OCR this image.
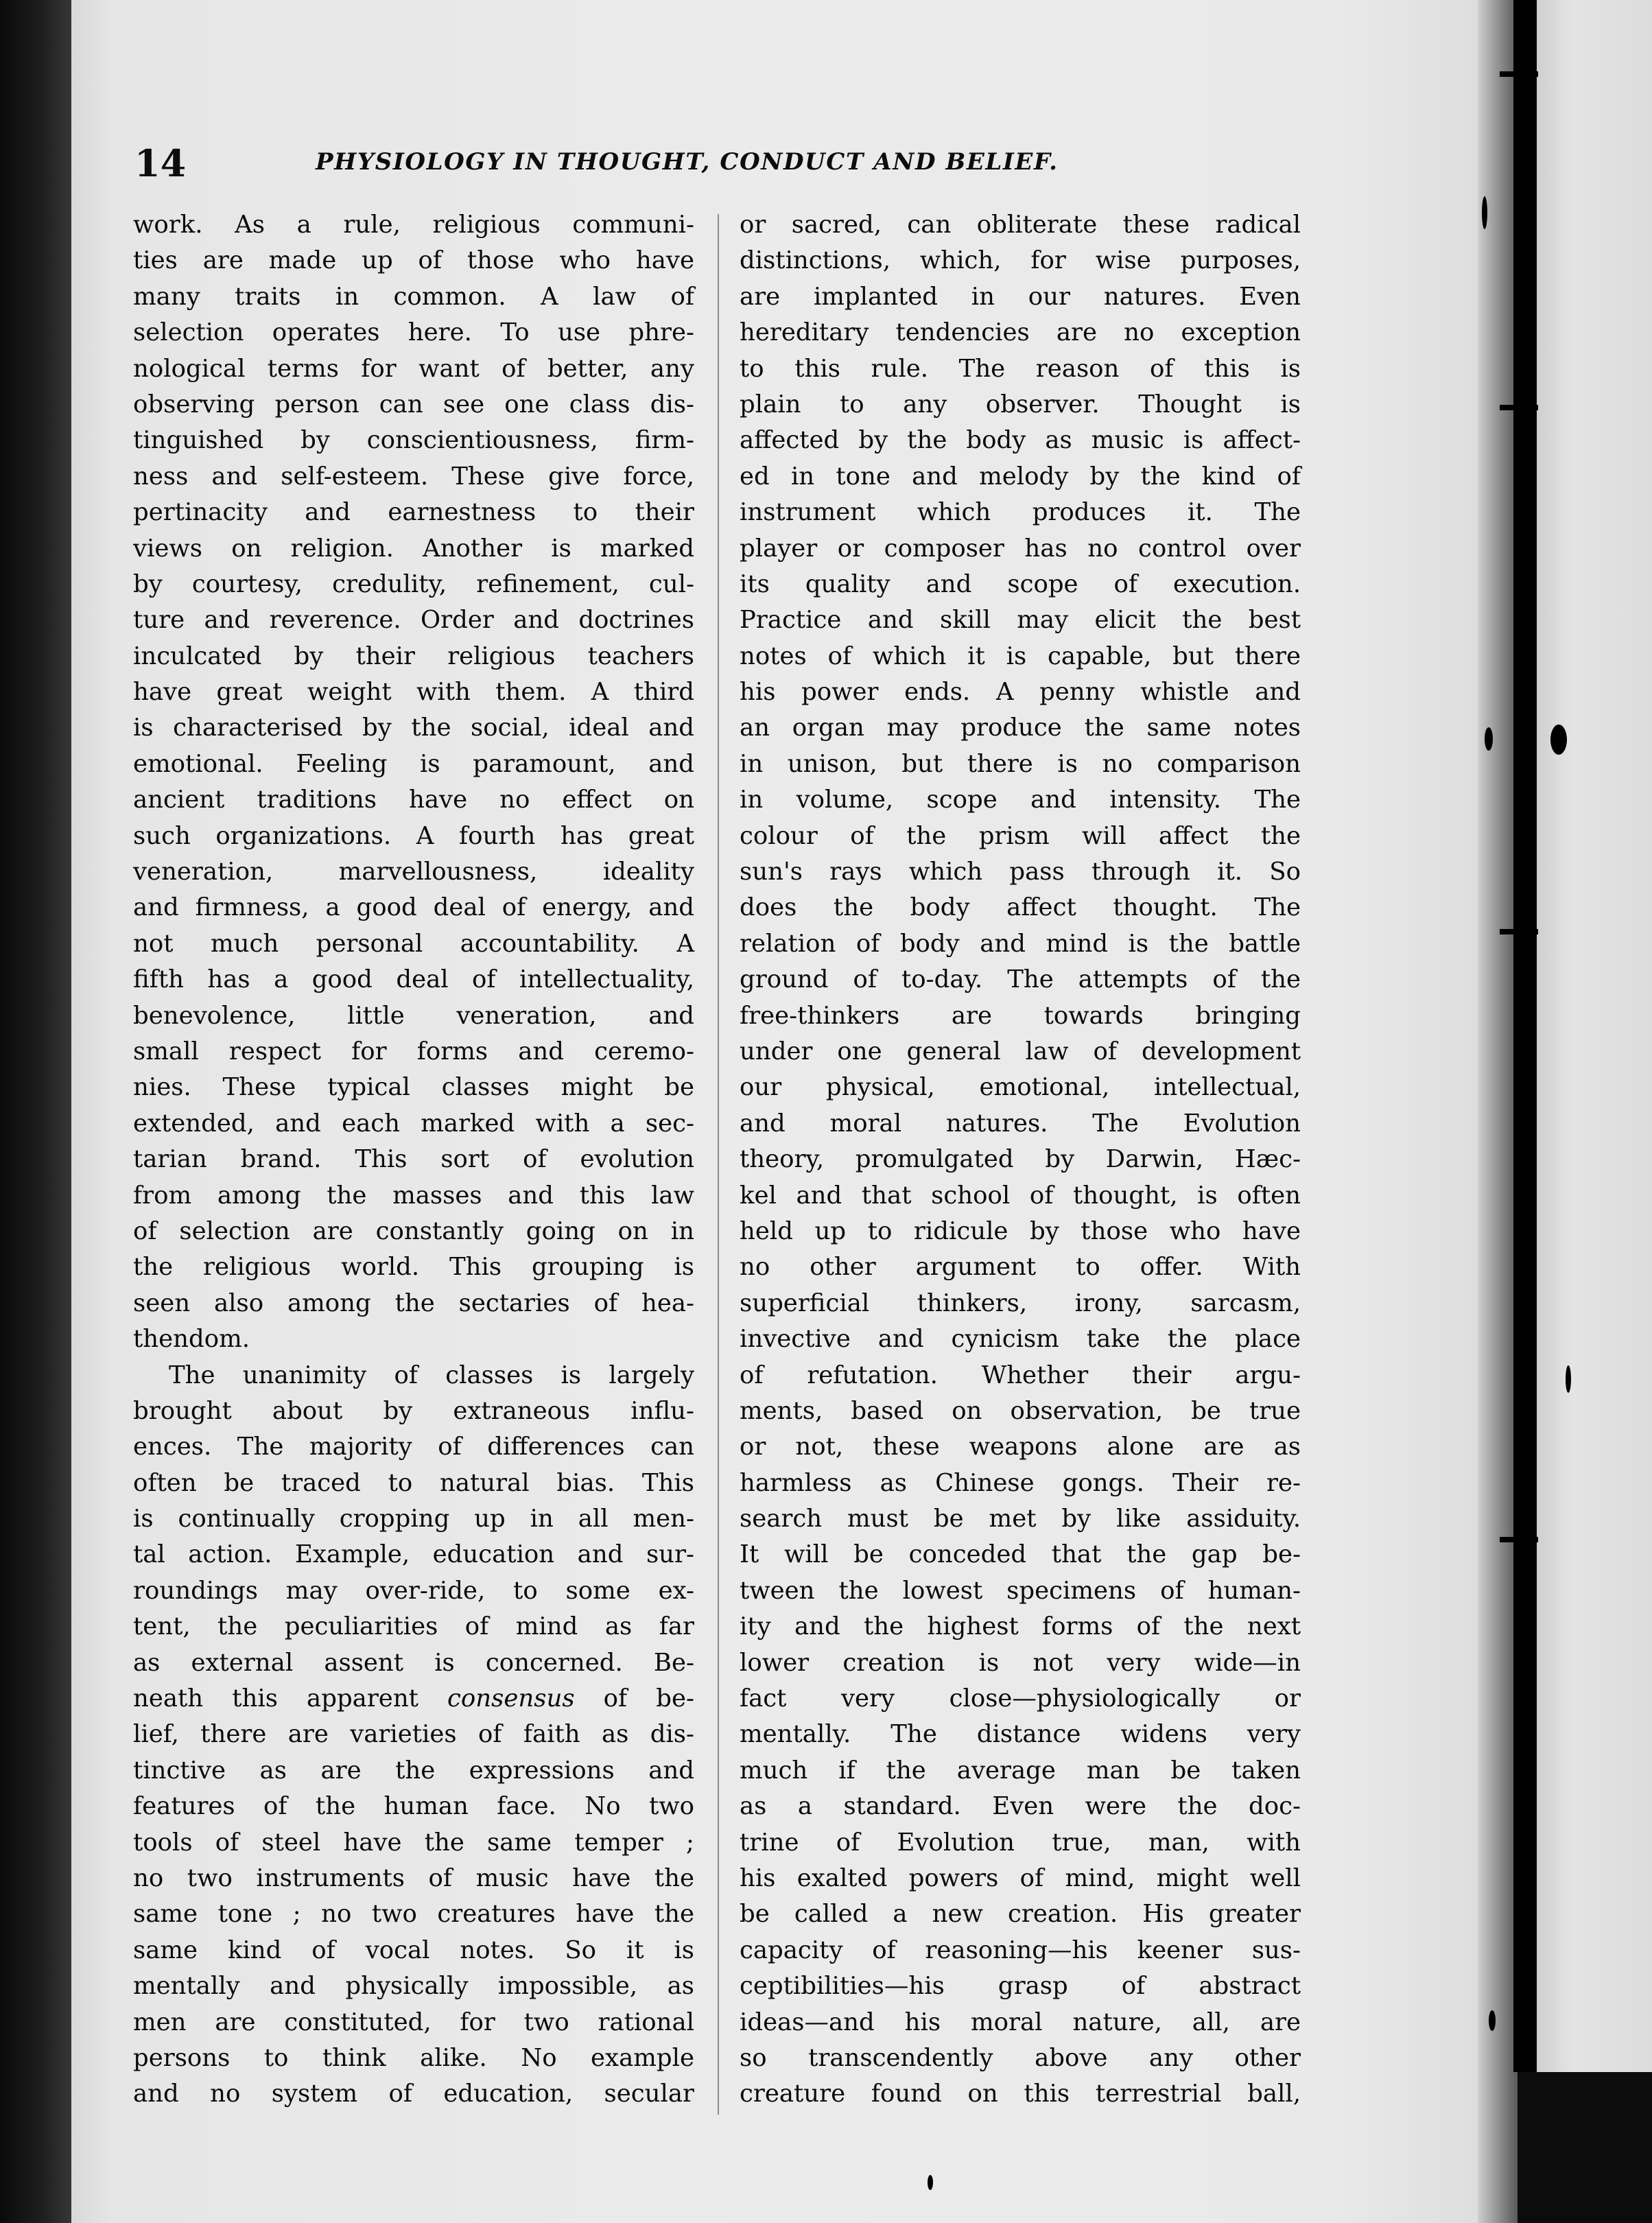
14	PHYSIOLOGY IN THOUGHT, CONDUCT AND BELIEF.
work. As a rule, religious communi-
ties are made up of those who have
many traits in common. A law of
selection operates here. To use phre-
nological terms for want of better, any
observing person can see one class dis-
tinguished by conscientiousness, firm-
ness and self-esteem. These give force,
pertinacity and earnestness to their
views on religion. Another is marked
by courtesy, credulity, refinement, cul-
ture and reverence. Order and doctrines
inculcated by their religious teachers
have great weight with them. A third
is characterised by the social, ideal and
emotional. Feeling is paramount, and
ancient traditions have no effect on
such organizations. A fourth has great
veneration, marvellousness, ideality
and firmness, a good deal of energy, and
not much personal accountability. A
fifth has a good deal of intellectuality,
benevolence, little veneration, and
small respect for forms and ceremo-
nies. These typical classes might be
extended, and each marked with a sec-
tarian brand. This sort of evolution
from among the masses and this law
of selection are constantly going on in
the religious world. This grouping is
seen also among the sectaries of hea-
thendom.
The unanimity of classes is largely
brought about by extraneous influ-
ences. The majority of differences can
often be traced to natural bias. This
is continually cropping up in all men-
tal action. Example, education and sur-
roundings may over-ride, to some ex-
tent, the peculiarities of mind as far
as external assent is concerned. Be-
neath this apparent consensus of be-
lief, there are varieties of faith as dis-
tinctive as are the expressions and
features of the human face. No two
tools of steel have the same temper ;
no two instruments of music have the
same tone ; no two creatures have the
same kind of vocal notes. So it is
mentally and physically impossible, as
men are constituted, for two rational
persons to think alike. No example
and no system of education, secular
or sacred, can obliterate these radical
distinctions, which, for wise purposes,
are implanted in our natures. Even
hereditary tendencies are no exception
to this rule. The reason of this is
plain to any observer. Thought is
affected by the body as music is affect-
ed in tone and melody by the kind of
instrument which produces it. The
player or composer has no control over
its quality and scope of execution.
Practice and skill may elicit the best
notes of which it is capable, but there
his power ends. A penny whistle and
an organ may produce the same notes
in unison, but there is no comparison
in volume, scope and intensity. The
colour of the prism will affect the
sun's rays which pass through it. So
does the body affect thought. The
relation of body and mind is the battle
ground of to-day. The attempts of the
free-thinkers are towards bringing
under one general law of development
our physical, emotional, intellectual,
and moral natures. The Evolution
theory, promulgated by Darwin, Hæc-
kel and that school of thought, is often
held up to ridicule by those who have
no other argument to offer. With
superficial thinkers, irony, sarcasm,
invective and cynicism take the place
of refutation. Whether their argu-
ments, based on observation, be true
or not, these weapons alone are as
harmless as Chinese gongs. Their re-
search must be met by like assiduity.
It will be conceded that the gap be-
tween the lowest specimens of human-
ity and the highest forms of the next
lower creation is not very wide—in
fact very close—physiologically or
mentally. The distance widens very
much if the average man be taken
as a standard. Even were the doc-
trine of Evolution true, man, with
his exalted powers of mind, might well
be called a new creation. His greater
capacity of reasoning—his keener sus-
ceptibilities—his grasp of abstract
ideas—and his moral nature, all, are
so transcendently above any other
creature found on this terrestrial ball,
